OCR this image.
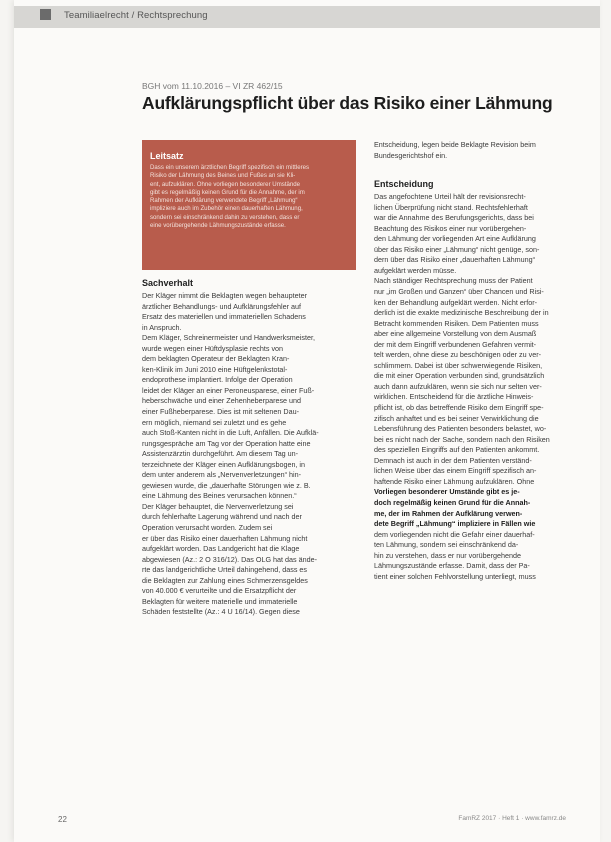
Teamiliaelrecht / Rechtsprechung
BGH vom 11.10.2016 – VI ZR 462/15
Aufklärungspflicht über das Risiko einer Lähmung
Leitsatz
Dass ein unserem ärztlichen Begriff spezifisch ein mittleres
Risiko der Lähmung des Beines und Fußes an sie Kli-
ent, aufzuklären. Ohne vorliegen besonderer Umstände
gibt es regelmäßig keinen Grund für die Annahme, der im
Rahmen der Aufklärung verwendete Begriff „Lähmung“
impliziere auch im Zubehör einen dauerhaften Lähmung,
sondern sei einschränkend dahin zu verstehen, dass er
eine vorübergehende Lähmungszustände erfasse.
Sachverhalt
Der Kläger nimmt die Beklagten wegen behaupteter
ärztlicher Behandlungs- und Aufklärungsfehler auf
Ersatz des materiellen und immateriellen Schadens
in Anspruch.
Dem Kläger, Schreinermeister und Handwerksmeister,
wurde wegen einer Hüftdysplasie rechts von
dem beklagten Operateur der Beklagten Kran-
ken-Klinik im Juni 2010 eine Hüftgelenkstotal-
endoprothese implantiert. Infolge der Operation
leidet der Kläger an einer Peroneusparese, einer Fuß-
heberschwäche und einer Zehenheberparese und
einer Fußheberparese. Dies ist mit seltenen Dau-
ern möglich, niemand sei zuletzt und es gehe
auch Stoß-Kanten nicht in die Luft, Anfällen. Die Aufklä-
rungsgespräche am Tag vor der Operation hatte eine
Assistenzärztin durchgeführt. Am diesem Tag un-
terzeichnete der Kläger einen Aufklärungsbogen, in
dem unter anderem als „Nervenverletzungen“ hin-
gewiesen wurde, die „dauerhafte Störungen wie z. B.
eine Lähmung des Beines verursachen können.“
Der Kläger behauptet, die Nervenverletzung sei
durch fehlerhafte Lagerung während und nach der
Operation verursacht worden. Zudem sei
er über das Risiko einer dauerhaften Lähmung nicht
aufgeklärt worden. Das Landgericht hat die Klage
abgewiesen (Az.: 2 O 316/12). Das OLG hat das ände-
rte das landgerichtliche Urteil dahingehend, dass es
die Beklagten zur Zahlung eines Schmerzensgeldes
von 40.000 € verurteilte und die Ersatzpflicht der
Beklagten für weitere materielle und immaterielle
Schäden feststellte (Az.: 4 U 16/14). Gegen diese
Entscheidung, legen beide Beklagte Revision beim
Bundesgerichtshof ein.
Entscheidung
Das angefochtene Urteil hält der revisionsrecht-
lichen Überprüfung nicht stand. Rechtsfehlerhaft
war die Annahme des Berufungsgerichts, dass bei
Beachtung des Risikos einer nur vorübergehen-
den Lähmung der vorliegenden Art eine Aufklärung
über das Risiko einer „Lähmung“ nicht genüge, son-
dern über das Risiko einer „dauerhaften Lähmung“
aufgeklärt werden müsse.
Nach ständiger Rechtsprechung muss der Patient
nur „im Großen und Ganzen“ über Chancen und Risi-
ken der Behandlung aufgeklärt werden. Nicht erfor-
derlich ist die exakte medizinische Beschreibung der in
Betracht kommenden Risiken. Dem Patienten muss
aber eine allgemeine Vorstellung von dem Ausmaß
der mit dem Eingriff verbundenen Gefahren vermit-
telt werden, ohne diese zu beschönigen oder zu ver-
schlimmern. Dabei ist über schwerwiegende Risiken,
die mit einer Operation verbunden sind, grundsätzlich
auch dann aufzuklären, wenn sie sich nur selten ver-
wirklichen. Entscheidend für die ärztliche Hinweis-
pflicht ist, ob das betreffende Risiko dem Eingriff spe-
zifisch anhaftet und es bei seiner Verwirklichung die
Lebensführung des Patienten besonders belastet, wo-
bei es nicht nach der Sache, sondern nach den Risiken
des speziellen Eingriffs auf den Patienten ankommt.
Demnach ist auch in der dem Patienten verständ-
lichen Weise über das einem Eingriff spezifisch an-
haftende Risiko einer Lähmung aufzuklären. Ohne
Vorliegen besonderer Umstände gibt es je-
doch regelmäßig keinen Grund für die Annah-
me, der im Rahmen der Aufklärung verwen-
dete Begriff „Lähmung“ impliziere in Fällen wie
dem vorliegenden nicht die Gefahr einer dauerhaf-
ten Lähmung, sondern sei einschränkend da-
hin zu verstehen, dass er nur vorübergehende
Lähmungszustände erfasse. Damit, dass der Pa-
tient einer solchen Fehlvorstellung unterliegt, muss
22	FamRZ 2017 · Heft 1 · www.famrz.de
